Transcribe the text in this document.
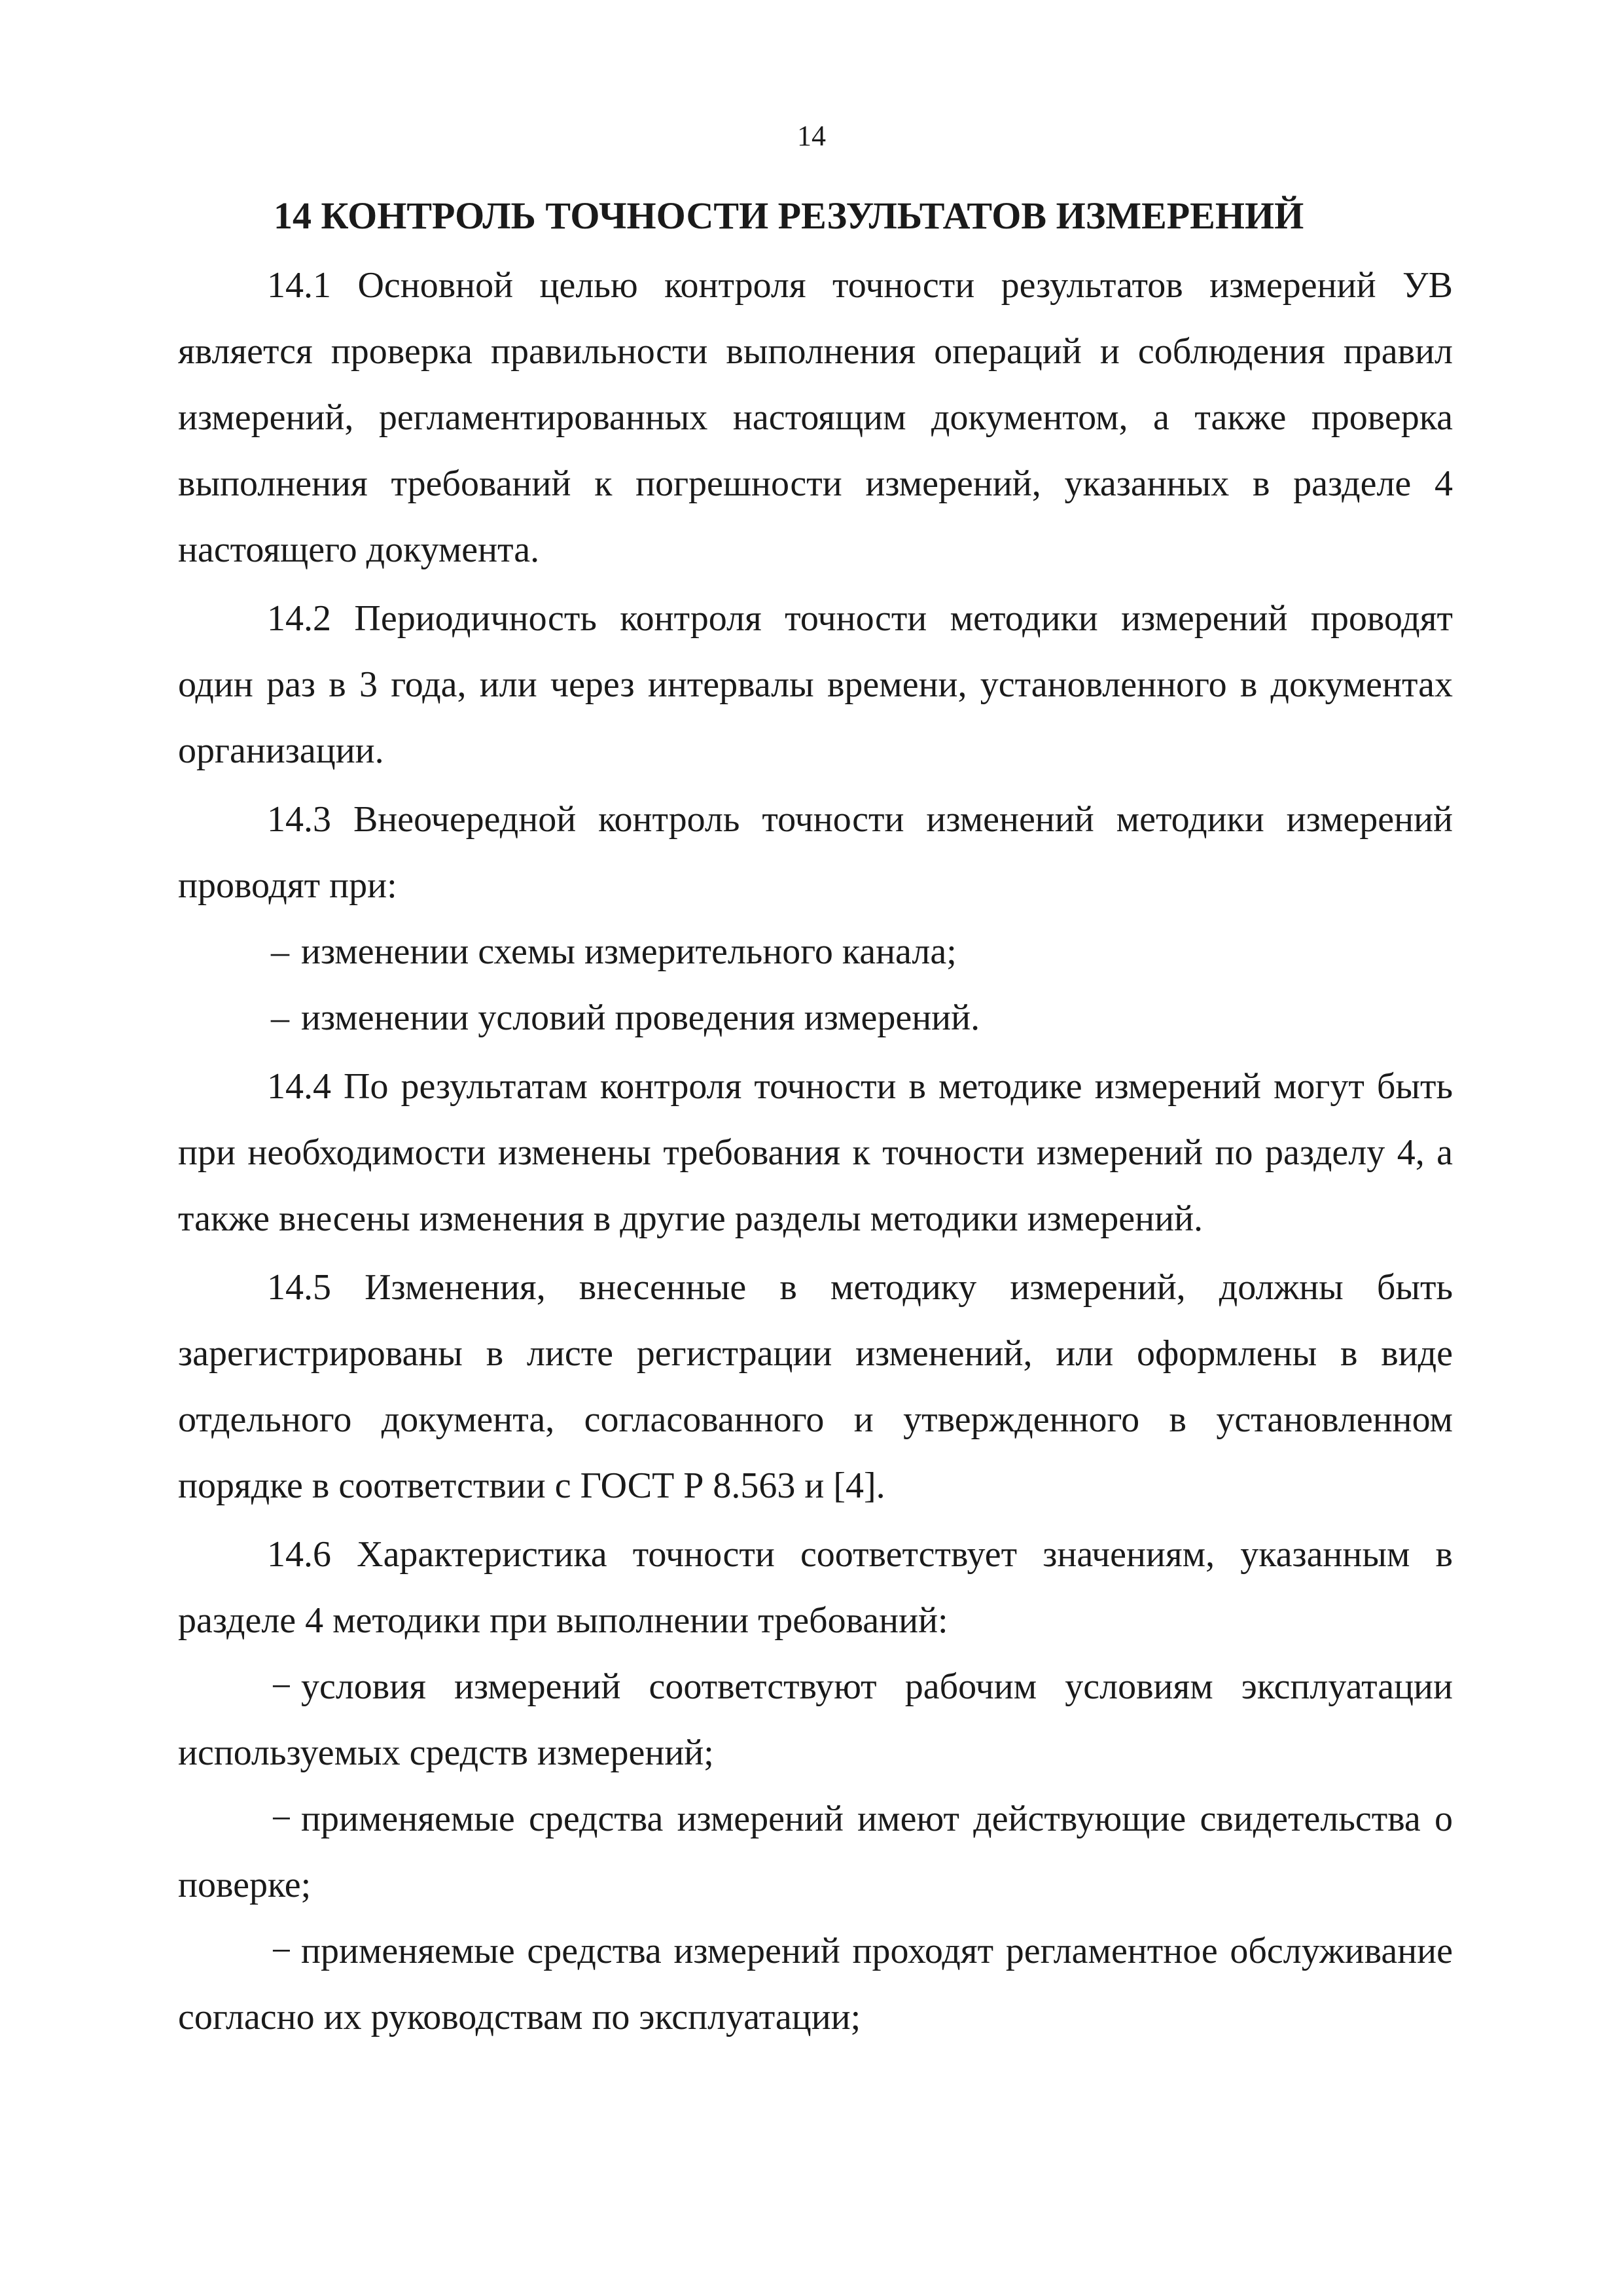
14
14 КОНТРОЛЬ ТОЧНОСТИ РЕЗУЛЬТАТОВ ИЗМЕРЕНИЙ

14.1 Основной целью контроля точности результатов измерений УВ является проверка правильности выполнения операций и соблюдения правил измерений, регламентированных настоящим документом, а также проверка выполнения требований к погрешности измерений, указанных в разделе 4 настоящего документа.

14.2 Периодичность контроля точности методики измерений проводят один раз в 3 года, или через интервалы времени, установленного в документах организации.

14.3 Внеочередной контроль точности изменений методики измерений проводят при:

– изменении схемы измерительного канала;

– изменении условий проведения измерений.

14.4 По результатам контроля точности в методике измерений могут быть при необходимости изменены требования к точности измерений по разделу 4, а также внесены изменения в другие разделы методики измерений.

14.5 Изменения, внесенные в методику измерений, должны быть зарегистрированы в листе регистрации изменений, или оформлены в виде отдельного документа, согласованного и утвержденного в установленном порядке в соответствии с ГОСТ Р 8.563 и [4].

14.6 Характеристика точности соответствует значениям, указанным в разделе 4 методики при выполнении требований:

− условия измерений соответствуют рабочим условиям эксплуатации используемых средств измерений;

− применяемые средства измерений имеют действующие свидетельства о поверке;

− применяемые средства измерений проходят регламентное обслуживание согласно их руководствам по эксплуатации;
